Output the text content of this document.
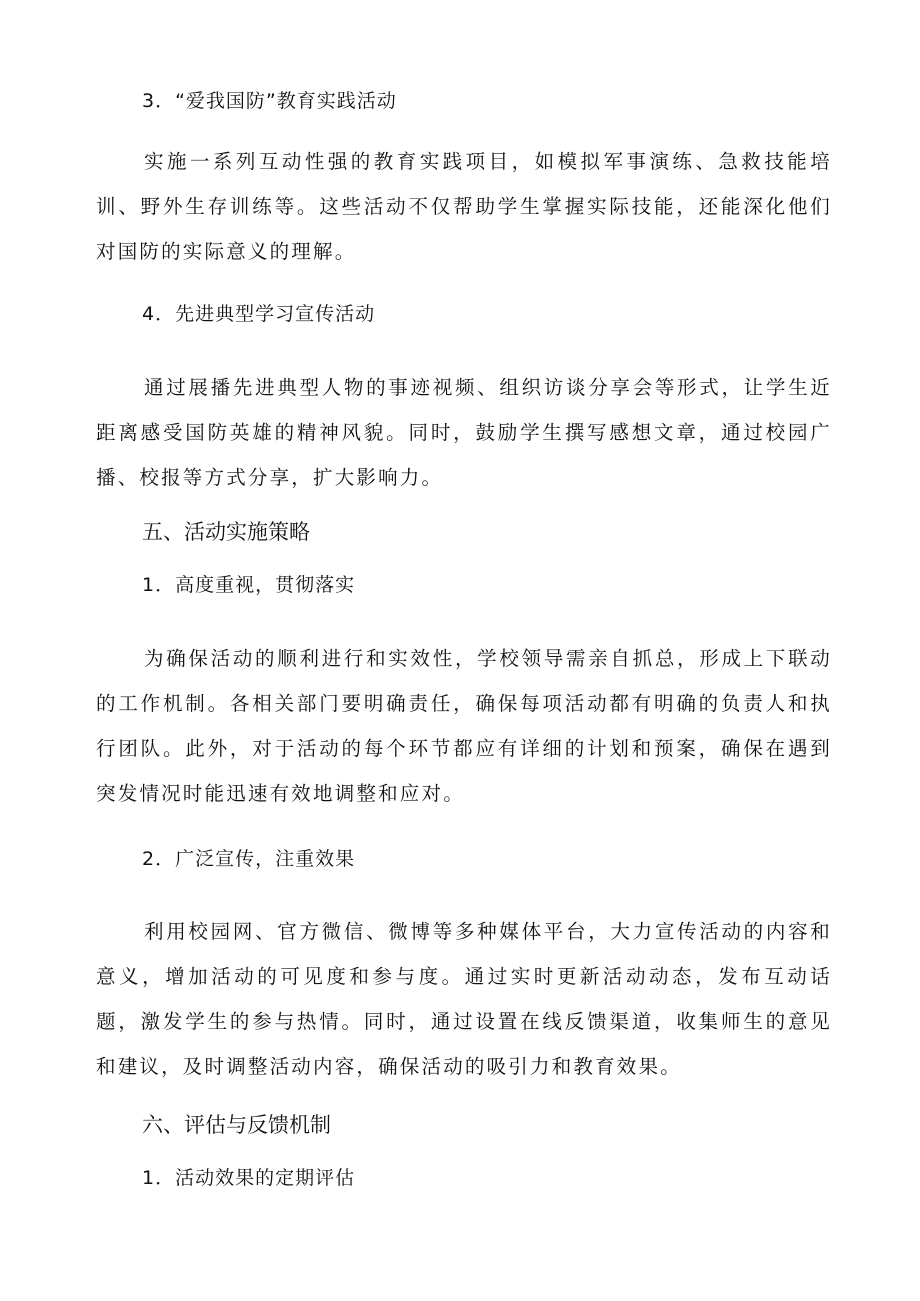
3．“爱我国防”教育实践活动

实施一系列互动性强的教育实践项目，如模拟军事演练、急救技能培训、野外生存训练等。这些活动不仅帮助学生掌握实际技能，还能深化他们对国防的实际意义的理解。

4．先进典型学习宣传活动

通过展播先进典型人物的事迹视频、组织访谈分享会等形式，让学生近距离感受国防英雄的精神风貌。同时，鼓励学生撰写感想文章，通过校园广播、校报等方式分享，扩大影响力。

五、活动实施策略

1．高度重视，贯彻落实

为确保活动的顺利进行和实效性，学校领导需亲自抓总，形成上下联动的工作机制。各相关部门要明确责任，确保每项活动都有明确的负责人和执行团队。此外，对于活动的每个环节都应有详细的计划和预案，确保在遇到突发情况时能迅速有效地调整和应对。

2．广泛宣传，注重效果

利用校园网、官方微信、微博等多种媒体平台，大力宣传活动的内容和意义，增加活动的可见度和参与度。通过实时更新活动动态，发布互动话题，激发学生的参与热情。同时，通过设置在线反馈渠道，收集师生的意见和建议，及时调整活动内容，确保活动的吸引力和教育效果。

六、评估与反馈机制

1．活动效果的定期评估
